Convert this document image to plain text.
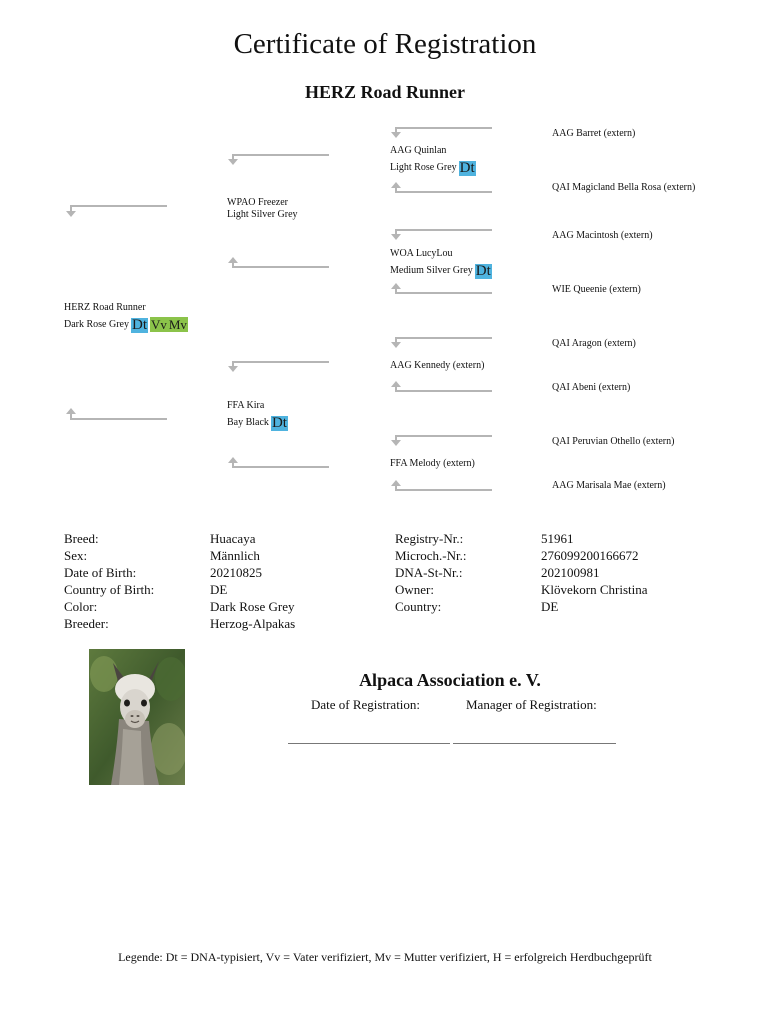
Certificate of Registration
HERZ Road Runner
HERZ Road Runner
Dark Rose Grey Dt Vv Mv
WPAO Freezer
Light Silver Grey
FFA Kira
Bay Black Dt
AAG Quinlan
Light Rose Grey Dt
WOA LucyLou
Medium Silver Grey Dt
AAG Kennedy (extern)
FFA Melody (extern)
AAG Barret (extern)
QAI Magicland Bella Rosa (extern)
AAG Macintosh (extern)
WIE Queenie (extern)
QAI Aragon (extern)
QAI Abeni (extern)
QAI Peruvian Othello (extern)
AAG Marisala Mae (extern)
Breed:
Sex:
Date of Birth:
Country of Birth:
Color:
Breeder:
Huacaya
Männlich
20210825
DE
Dark Rose Grey
Herzog-Alpakas
Registry-Nr.:
Microch.-Nr.:
DNA-St-Nr.:
Owner:
Country:
51961
276099200166672
202100981
Klövekorn Christina
DE
Alpaca Association e. V.
Date of Registration:	Manager of Registration:
Legende: Dt = DNA-typisiert, Vv = Vater verifiziert, Mv = Mutter verifiziert, H = erfolgreich Herdbuchgeprüft
